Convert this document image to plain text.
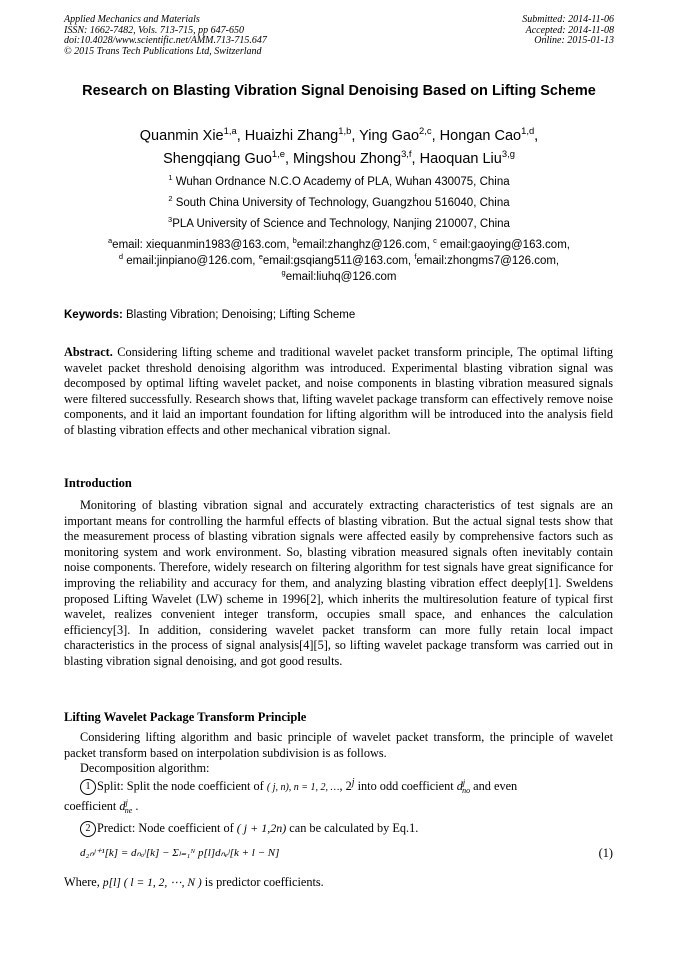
Applied Mechanics and Materials
ISSN: 1662-7482, Vols. 713-715, pp 647-650
doi:10.4028/www.scientific.net/AMM.713-715.647
© 2015 Trans Tech Publications Ltd, Switzerland
Submitted: 2014-11-06
Accepted: 2014-11-08
Online: 2015-01-13
Research on Blasting Vibration Signal Denoising Based on Lifting Scheme
Quanmin Xie$^{1,a}$, Huaizhi Zhang$^{1,b}$, Ying Gao$^{2,c}$, Hongan Cao$^{1,d}$,
Shengqiang Guo$^{1,e}$, Mingshou Zhong$^{3,f}$, Haoquan Liu$^{3,g}$
$^1$ Wuhan Ordnance N.C.O Academy of PLA, Wuhan 430075, China
$^2$ South China University of Technology, Guangzhou 516040, China
$^3$PLA University of Science and Technology, Nanjing 210007, China
$^a$email: xiequanmin1983@163.com, $^b$email:zhanghz@126.com, $^c$ email:gaoying@163.com,
$^d$ email:jinpiano@126.com, $^e$email:gsqiang511@163.com, $^f$email:zhongms7@126.com,
$^g$email:liuhq@126.com
Keywords: Blasting Vibration; Denoising; Lifting Scheme
Abstract. Considering lifting scheme and traditional wavelet packet transform principle, The optimal lifting wavelet packet threshold denoising algorithm was introduced. Experimental blasting vibration signal was decomposed by optimal lifting wavelet packet, and noise components in blasting vibration measured signals were filtered successfully. Research shows that, lifting wavelet package transform can effectively remove noise components, and it laid an important foundation for lifting algorithm will be introduced into the analysis field of blasting vibration effects and other mechanical vibration signal.
Introduction
Monitoring of blasting vibration signal and accurately extracting characteristics of test signals are an important means for controlling the harmful effects of blasting vibration. But the actual signal tests show that the measurement process of blasting vibration signals were affected easily by comprehensive factors such as monitoring system and work environment. So, blasting vibration measured signals often inevitably contain noise components. Therefore, widely research on filtering algorithm for test signals have great significance for improving the reliability and accuracy for them, and analyzing blasting vibration effect deeply[1]. Sweldens proposed Lifting Wavelet (LW) scheme in 1996[2], which inherits the multiresolution feature of typical first wavelet, realizes convenient integer transform, occupies small space, and enhances the calculation efficiency[3]. In addition, considering wavelet packet transform can more fully retain local impact characteristics in the process of signal analysis[4][5], so lifting wavelet package transform was carried out in blasting vibration signal denoising, and got good results.
Lifting Wavelet Package Transform Principle
Considering lifting algorithm and basic principle of wavelet packet transform, the principle of wavelet packet transform based on interpolation subdivision is as follows.
Decomposition algorithm:
1 Split: Split the node coefficient of ( j, n), n = 1, 2, …, 2$^j$ into odd coefficient $d^j_{no}$ and even
coefficient $d^j_{ne}$ .
2 Predict: Node coefficient of ( j + 1,2n) can be calculated by Eq.1.
d₂ₙʲ⁺¹[k] = dₙₒʲ[k] − Σₗ₌₁ᴺ p[l]dₙₑʲ[k + l − N]	(1)
Where, p[l] ( l = 1, 2, ⋯, N ) is predictor coefficients.
